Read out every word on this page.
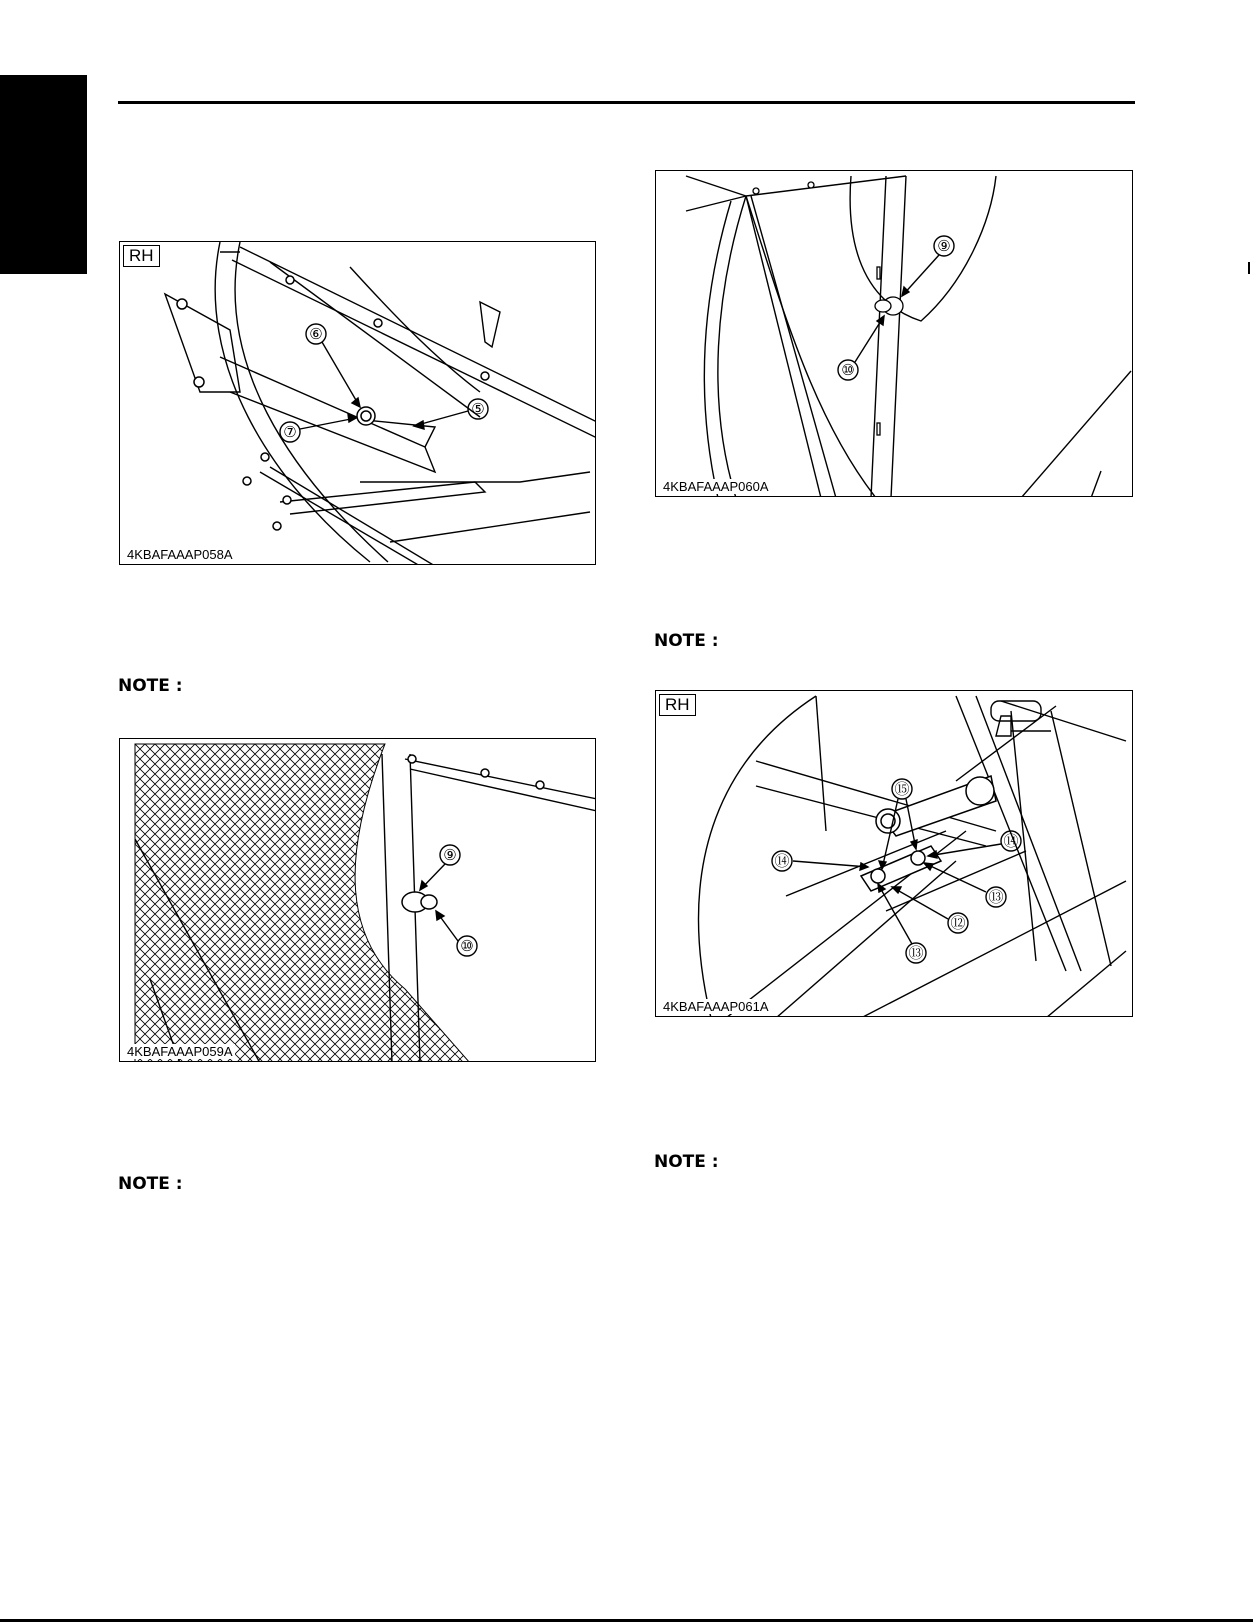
⑥
⑦
⑤
RH
4KBAFAAAP058A
NOTE :
⑨
⑩
4KBAFAAAP059A
NOTE :
⑨
⑩
4KBAFAAAP060A
NOTE :
⑮
⑭
⑭
⑬
⑫
⑬
RH
4KBAFAAAP061A
NOTE :
